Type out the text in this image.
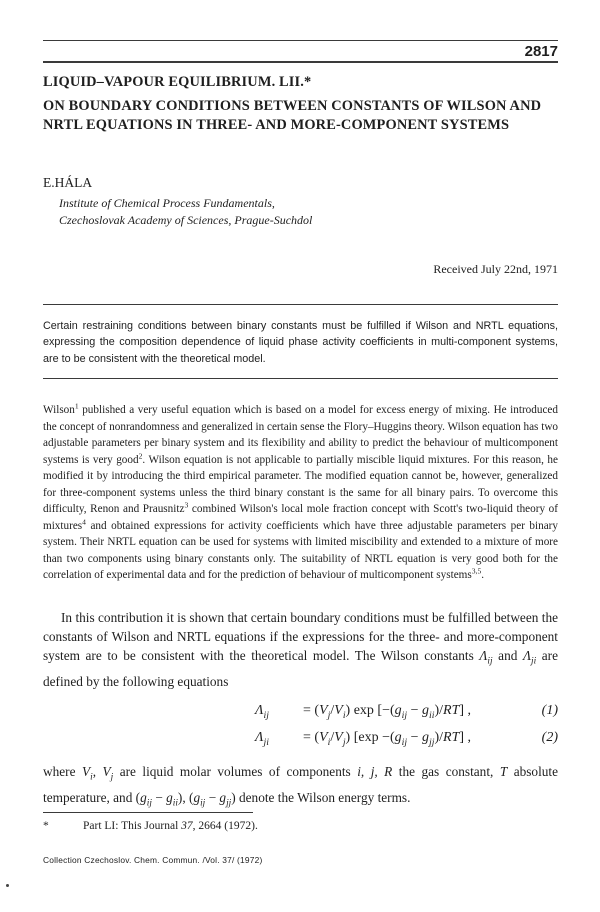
2817
LIQUID–VAPOUR EQUILIBRIUM. LII.*
ON BOUNDARY CONDITIONS BETWEEN CONSTANTS OF WILSON AND NRTL EQUATIONS IN THREE- AND MORE-COMPONENT SYSTEMS
E.HÁLA
Institute of Chemical Process Fundamentals,
Czechoslovak Academy of Sciences, Prague-Suchdol
Received July 22nd, 1971
Certain restraining conditions between binary constants must be fulfilled if Wilson and NRTL equations, expressing the composition dependence of liquid phase activity coefficients in multi-component systems, are to be consistent with the theoretical model.
Wilson$^1$ published a very useful equation which is based on a model for excess energy of mixing. He introduced the concept of nonrandomness and generalized in certain sense the Flory–Huggins theory. Wilson equation has two adjustable parameters per binary system and its flexibility and ability to predict the behaviour of multicomponent systems is very good$^2$. Wilson equation is not applicable to partially miscible liquid mixtures. For this reason, he modified it by introducing the third empirical parameter. The modified equation cannot be, however, generalized for three-component systems unless the third binary constant is the same for all binary pairs. To overcome this difficulty, Renon and Prausnitz$^3$ combined Wilson's local mole fraction concept with Scott's two-liquid theory of mixtures$^4$ and obtained expressions for activity coefficients which have three adjustable parameters per binary system. Their NRTL equation can be used for systems with limited miscibility and extended to a mixture of more than two components using binary constants only. The suitability of NRTL equation is very good both for the correlation of experimental data and for the prediction of behaviour of multicomponent systems$^{3,5}$.
In this contribution it is shown that certain boundary conditions must be fulfilled between the constants of Wilson and NRTL equations if the expressions for the three- and more-component system are to be consistent with the theoretical model. The Wilson constants $\Lambda_{ij}$ and $\Lambda_{ji}$ are defined by the following equations
$\Lambda_{ij} = (V_j/V_i)$ $\exp [-(g_{ij} - g_{ii})/RT]$ ,	(1)
$\Lambda_{ji} = (V_i/V_j)$ $[\exp -(g_{ij} - g_{jj})/RT]$ ,	(2)
where $V_i$, $V_j$ are liquid molar volumes of components i, j, R the gas constant, T absolute temperature, and $(g_{ij} - g_{ii})$, $(g_{ij} - g_{jj})$ denote the Wilson energy terms.
*	Part LI: This Journal 37, 2664 (1972).
Collection Czechoslov. Chem. Commun. /Vol. 37/ (1972)
